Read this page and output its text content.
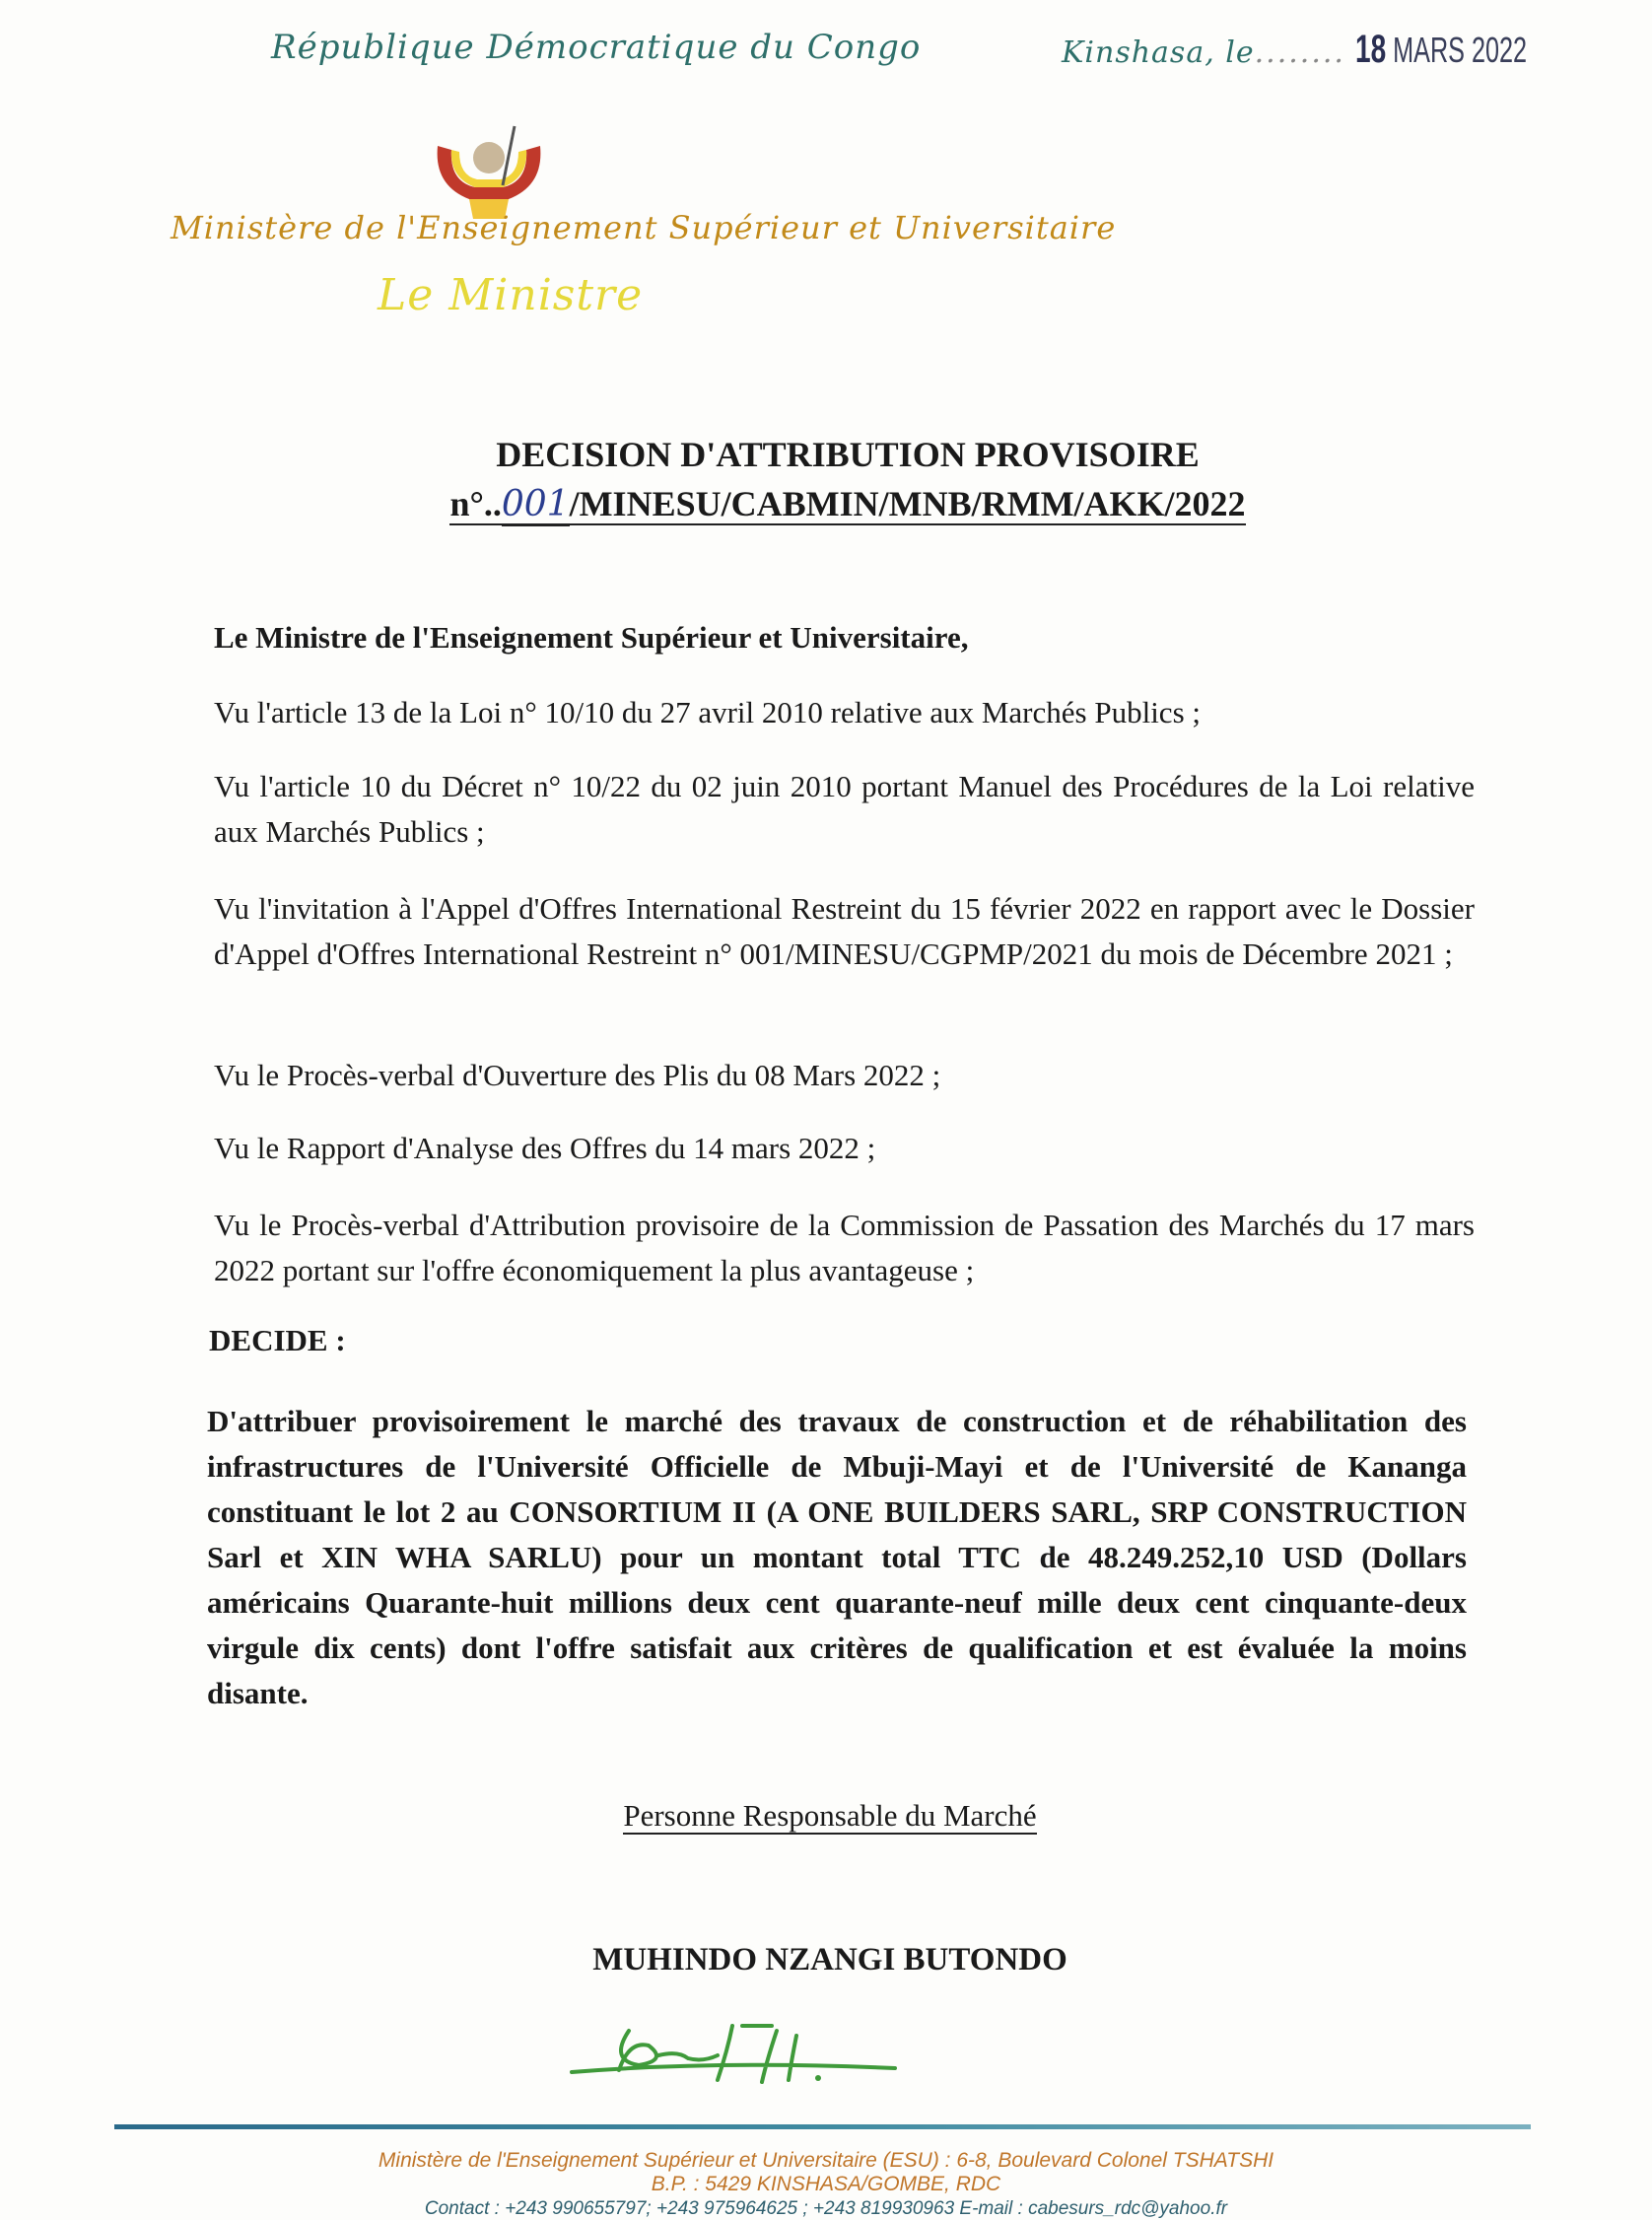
République Démocratique du Congo	Kinshasa, le........ 18 MARS 2022
Ministère de l'Enseignement Supérieur et Universitaire
Le Ministre
DECISION D'ATTRIBUTION PROVISOIRE
n°..001/MINESU/CABMIN/MNB/RMM/AKK/2022
Le Ministre de l'Enseignement Supérieur et Universitaire,
Vu l'article 13 de la Loi n° 10/10 du 27 avril 2010 relative aux Marchés Publics ;
Vu l'article 10 du Décret n° 10/22 du 02 juin 2010 portant Manuel des Procédures de la Loi relative aux Marchés Publics ;
Vu l'invitation à l'Appel d'Offres International Restreint du 15 février 2022 en rapport avec le Dossier d'Appel d'Offres International Restreint n° 001/MINESU/CGPMP/2021 du mois de Décembre 2021 ;
Vu le Procès-verbal d'Ouverture des Plis du 08 Mars 2022 ;
Vu le Rapport d'Analyse des Offres du 14 mars 2022 ;
Vu le Procès-verbal d'Attribution provisoire de la Commission de Passation des Marchés du 17 mars 2022 portant sur l'offre économiquement la plus avantageuse ;
DECIDE :
D'attribuer provisoirement le marché des travaux de construction et de réhabilitation des infrastructures de l'Université Officielle de Mbuji-Mayi et de l'Université de Kananga constituant le lot 2 au CONSORTIUM II (A ONE BUILDERS SARL, SRP CONSTRUCTION Sarl et XIN WHA SARLU) pour un montant total TTC de 48.249.252,10 USD (Dollars américains Quarante-huit millions deux cent quarante-neuf mille deux cent cinquante-deux virgule dix cents) dont l'offre satisfait aux critères de qualification et est évaluée la moins disante.
Personne Responsable du Marché
MUHINDO NZANGI BUTONDO
Ministère de l'Enseignement Supérieur et Universitaire (ESU) : 6-8, Boulevard Colonel TSHATSHI
B.P. : 5429 KINSHASA/GOMBE, RDC
Contact : +243 990655797; +243 975964625 ; +243 819930963 E-mail : cabesurs_rdc@yahoo.fr
